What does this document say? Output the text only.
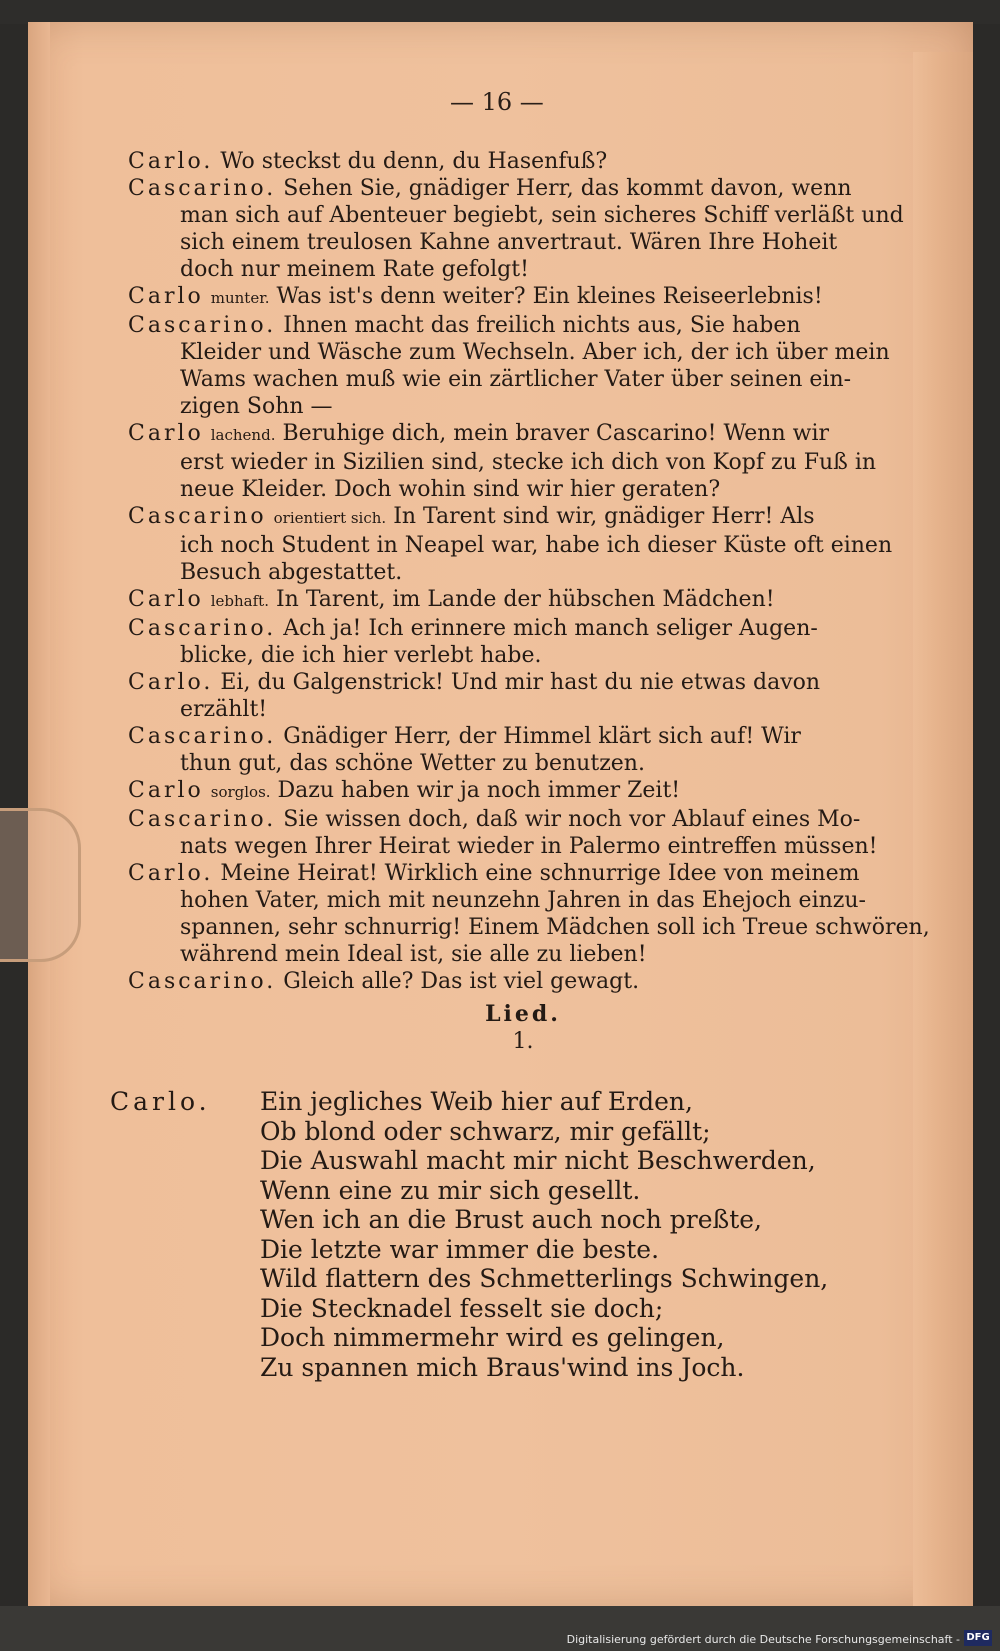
— 16 —
Carlo. Wo steckst du denn, du Hasenfuß?
Cascarino. Sehen Sie, gnädiger Herr, das kommt davon, wenn
man sich auf Abenteuer begiebt, sein sicheres Schiff verläßt und
sich einem treulosen Kahne anvertraut. Wären Ihre Hoheit
doch nur meinem Rate gefolgt!
Carlo munter. Was ist's denn weiter? Ein kleines Reiseerlebnis!
Cascarino. Ihnen macht das freilich nichts aus, Sie haben
Kleider und Wäsche zum Wechseln. Aber ich, der ich über mein
Wams wachen muß wie ein zärtlicher Vater über seinen ein-
zigen Sohn —
Carlo lachend. Beruhige dich, mein braver Cascarino! Wenn wir
erst wieder in Sizilien sind, stecke ich dich von Kopf zu Fuß in
neue Kleider. Doch wohin sind wir hier geraten?
Cascarino orientiert sich. In Tarent sind wir, gnädiger Herr! Als
ich noch Student in Neapel war, habe ich dieser Küste oft einen
Besuch abgestattet.
Carlo lebhaft. In Tarent, im Lande der hübschen Mädchen!
Cascarino. Ach ja! Ich erinnere mich manch seliger Augen-
blicke, die ich hier verlebt habe.
Carlo. Ei, du Galgenstrick! Und mir hast du nie etwas davon
erzählt!
Cascarino. Gnädiger Herr, der Himmel klärt sich auf! Wir
thun gut, das schöne Wetter zu benutzen.
Carlo sorglos. Dazu haben wir ja noch immer Zeit!
Cascarino. Sie wissen doch, daß wir noch vor Ablauf eines Mo-
nats wegen Ihrer Heirat wieder in Palermo eintreffen müssen!
Carlo. Meine Heirat! Wirklich eine schnurrige Idee von meinem
hohen Vater, mich mit neunzehn Jahren in das Ehejoch einzu-
spannen, sehr schnurrig! Einem Mädchen soll ich Treue schwören,
während mein Ideal ist, sie alle zu lieben!
Cascarino. Gleich alle? Das ist viel gewagt.
Lied.
1.
Carlo. Ein jegliches Weib hier auf Erden,
Ob blond oder schwarz, mir gefällt;
Die Auswahl macht mir nicht Beschwerden,
Wenn eine zu mir sich gesellt.
Wen ich an die Brust auch noch preßte,
Die letzte war immer die beste.
Wild flattern des Schmetterlings Schwingen,
Die Stecknadel fesselt sie doch;
Doch nimmermehr wird es gelingen,
Zu spannen mich Braus'wind ins Joch.
Digitalisierung gefördert durch die Deutsche Forschungsgemeinschaft - DFG
